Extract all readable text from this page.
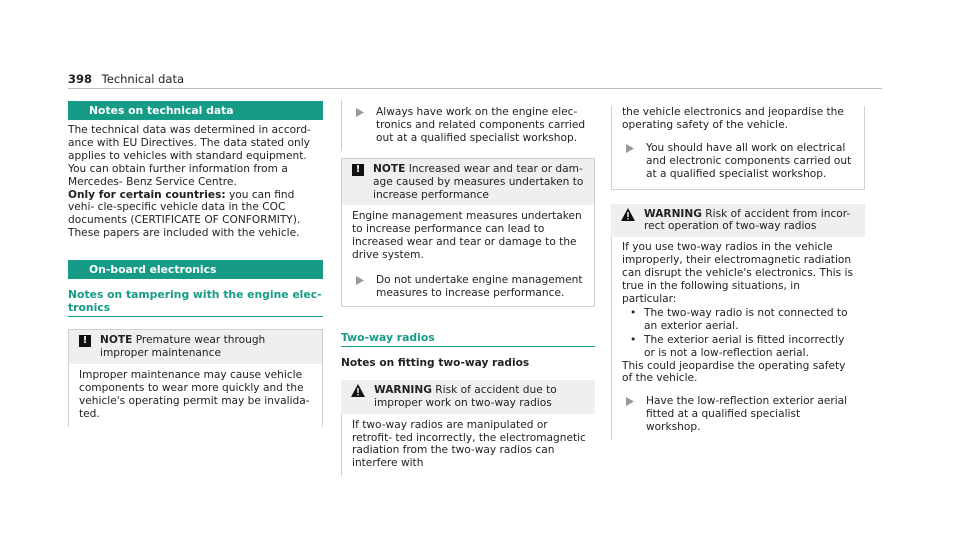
398 Technical data
Notes on technical data

The technical data was determined in accord- ance with EU Directives. The data stated only applies to vehicles with standard equipment. You can obtain further information from a Mercedes- Benz Service Centre.

Only for certain countries: you can find vehi- cle-specific vehicle data in the COC documents (CERTIFICATE OF CONFORMITY). These papers are included with the vehicle.

On-board electronics
Notes on tampering with the engine elec- tronics
!	NOTE Premature wear through improper maintenance

Improper maintenance may cause vehicle components to wear more quickly and the vehicle's operating permit may be invalida- ted.

Always have work on the engine elec- tronics and related components carried out at a qualified specialist workshop.

!	NOTE Increased wear and tear or dam- age caused by measures undertaken to increase performance

Engine management measures undertaken to increase performance can lead to increased wear and tear or damage to the drive system.

Do not undertake engine management measures to increase performance.

Two-way radios

Notes on fitting two-way radios

WARNING Risk of accident due to improper work on two-way radios

If two-way radios are manipulated or retrofit- ted incorrectly, the electromagnetic radiation from the two-way radios can interfere with

the vehicle electronics and jeopardise the operating safety of the vehicle.

You should have all work on electrical and electronic components carried out at a qualified specialist workshop.

WARNING Risk of accident from incor- rect operation of two-way radios

If you use two-way radios in the vehicle improperly, their electromagnetic radiation can disrupt the vehicle's electronics. This is true in the following situations, in particular:

• The two-way radio is not connected to an exterior aerial.

• The exterior aerial is fitted incorrectly or is not a low-reflection aerial.

This could jeopardise the operating safety of the vehicle.

Have the low-reflection exterior aerial fitted at a qualified specialist workshop.
